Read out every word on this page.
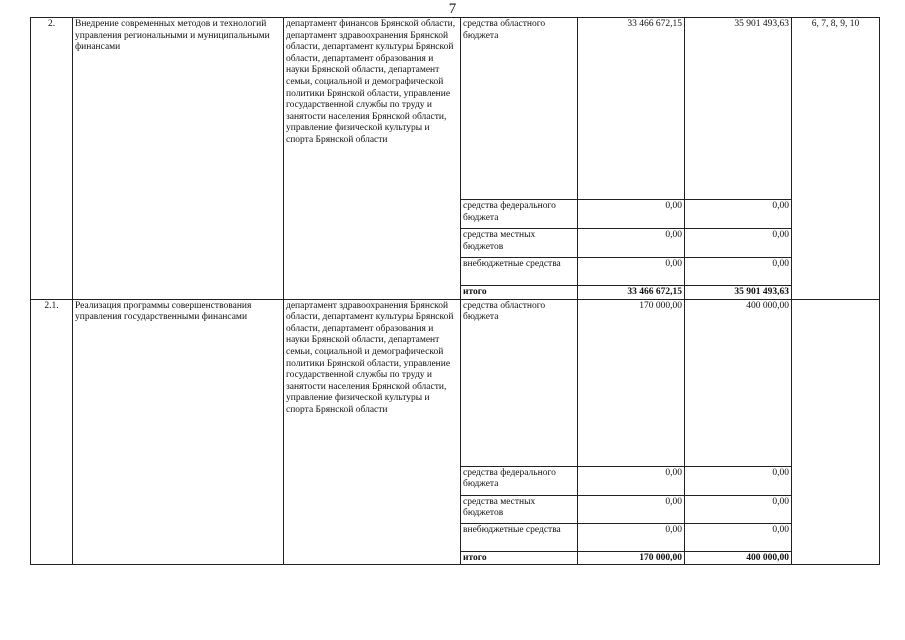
7
2.	Внедрение современных методов и технологий управления региональными и муниципальными финансами	департамент финансов Брянской области, департамент здравоохранения Брянской области, департамент культуры Брянской области, департамент образования и науки Брянской области, департамент семьи, социальной и демографической политики Брянской области, управление государственной службы по труду и занятости населения Брянской области, управление физической культуры и спорта Брянской области	средства областного бюджета	33 466 672,15	35 901 493,63	6, 7, 8, 9, 10
			средства федерального бюджета	0,00	0,00	
			средства местных бюджетов	0,00	0,00	
			внебюджетные средства	0,00	0,00	
			итого	33 466 672,15	35 901 493,63	
2.1.	Реализация программы совершенствования управления государственными финансами	департамент здравоохранения Брянской области, департамент культуры Брянской области, департамент образования и науки Брянской области, департамент семьи, социальной и демографической политики Брянской области, управление государственной службы по труду и занятости населения Брянской области, управление физической культуры и спорта Брянской области	средства областного бюджета	170 000,00	400 000,00	
			средства федерального бюджета	0,00	0,00	
			средства местных бюджетов	0,00	0,00	
			внебюджетные средства	0,00	0,00	
			итого	170 000,00	400 000,00	
